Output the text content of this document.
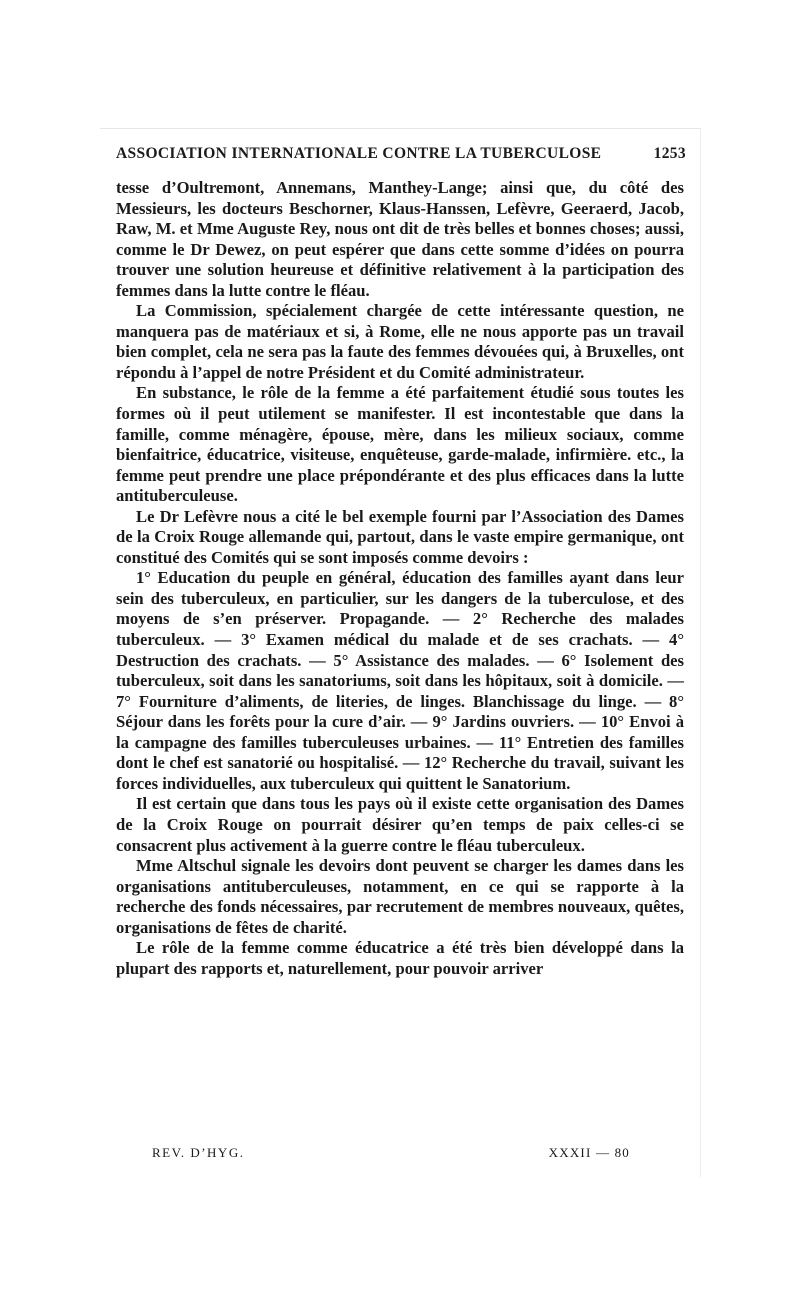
ASSOCIATION INTERNATIONALE CONTRE LA TUBERCULOSE	1253

tesse d’Oultremont, Annemans, Manthey-Lange; ainsi que, du côté des Messieurs, les docteurs Beschorner, Klaus-Hanssen, Lefèvre, Geeraerd, Jacob, Raw, M. et Mme Auguste Rey, nous ont dit de très belles et bonnes choses; aussi, comme le Dr Dewez, on peut espérer que dans cette somme d’idées on pourra trouver une solution heureuse et définitive relativement à la participation des femmes dans la lutte contre le fléau.

La Commission, spécialement chargée de cette intéressante question, ne manquera pas de matériaux et si, à Rome, elle ne nous apporte pas un travail bien complet, cela ne sera pas la faute des femmes dévouées qui, à Bruxelles, ont répondu à l’appel de notre Président et du Comité administrateur.

En substance, le rôle de la femme a été parfaitement étudié sous toutes les formes où il peut utilement se manifester. Il est incontestable que dans la famille, comme ménagère, épouse, mère, dans les milieux sociaux, comme bienfaitrice, éducatrice, visiteuse, enquêteuse, garde-malade, infirmière. etc., la femme peut prendre une place prépondérante et des plus efficaces dans la lutte antituberculeuse.

Le Dr Lefèvre nous a cité le bel exemple fourni par l’Association des Dames de la Croix Rouge allemande qui, partout, dans le vaste empire germanique, ont constitué des Comités qui se sont imposés comme devoirs :

1° Education du peuple en général, éducation des familles ayant dans leur sein des tuberculeux, en particulier, sur les dangers de la tuberculose, et des moyens de s’en préserver. Propagande. — 2° Recherche des malades tuberculeux. — 3° Examen médical du malade et de ses crachats. — 4° Destruction des crachats. — 5° Assistance des malades. — 6° Isolement des tuberculeux, soit dans les sanatoriums, soit dans les hôpitaux, soit à domicile. — 7° Fourniture d’aliments, de literies, de linges. Blanchissage du linge. — 8° Séjour dans les forêts pour la cure d’air. — 9° Jardins ouvriers. — 10° Envoi à la campagne des familles tuberculeuses urbaines. — 11° Entretien des familles dont le chef est sanatorié ou hospitalisé. — 12° Recherche du travail, suivant les forces individuelles, aux tuberculeux qui quittent le Sanatorium.

Il est certain que dans tous les pays où il existe cette organisation des Dames de la Croix Rouge on pourrait désirer qu’en temps de paix celles-ci se consacrent plus activement à la guerre contre le fléau tuberculeux.

Mme Altschul signale les devoirs dont peuvent se charger les dames dans les organisations antituberculeuses, notamment, en ce qui se rapporte à la recherche des fonds nécessaires, par recrutement de membres nouveaux, quêtes, organisations de fêtes de charité.

Le rôle de la femme comme éducatrice a été très bien développé dans la plupart des rapports et, naturellement, pour pouvoir arriver

REV. D’HYG.	XXXII — 80
